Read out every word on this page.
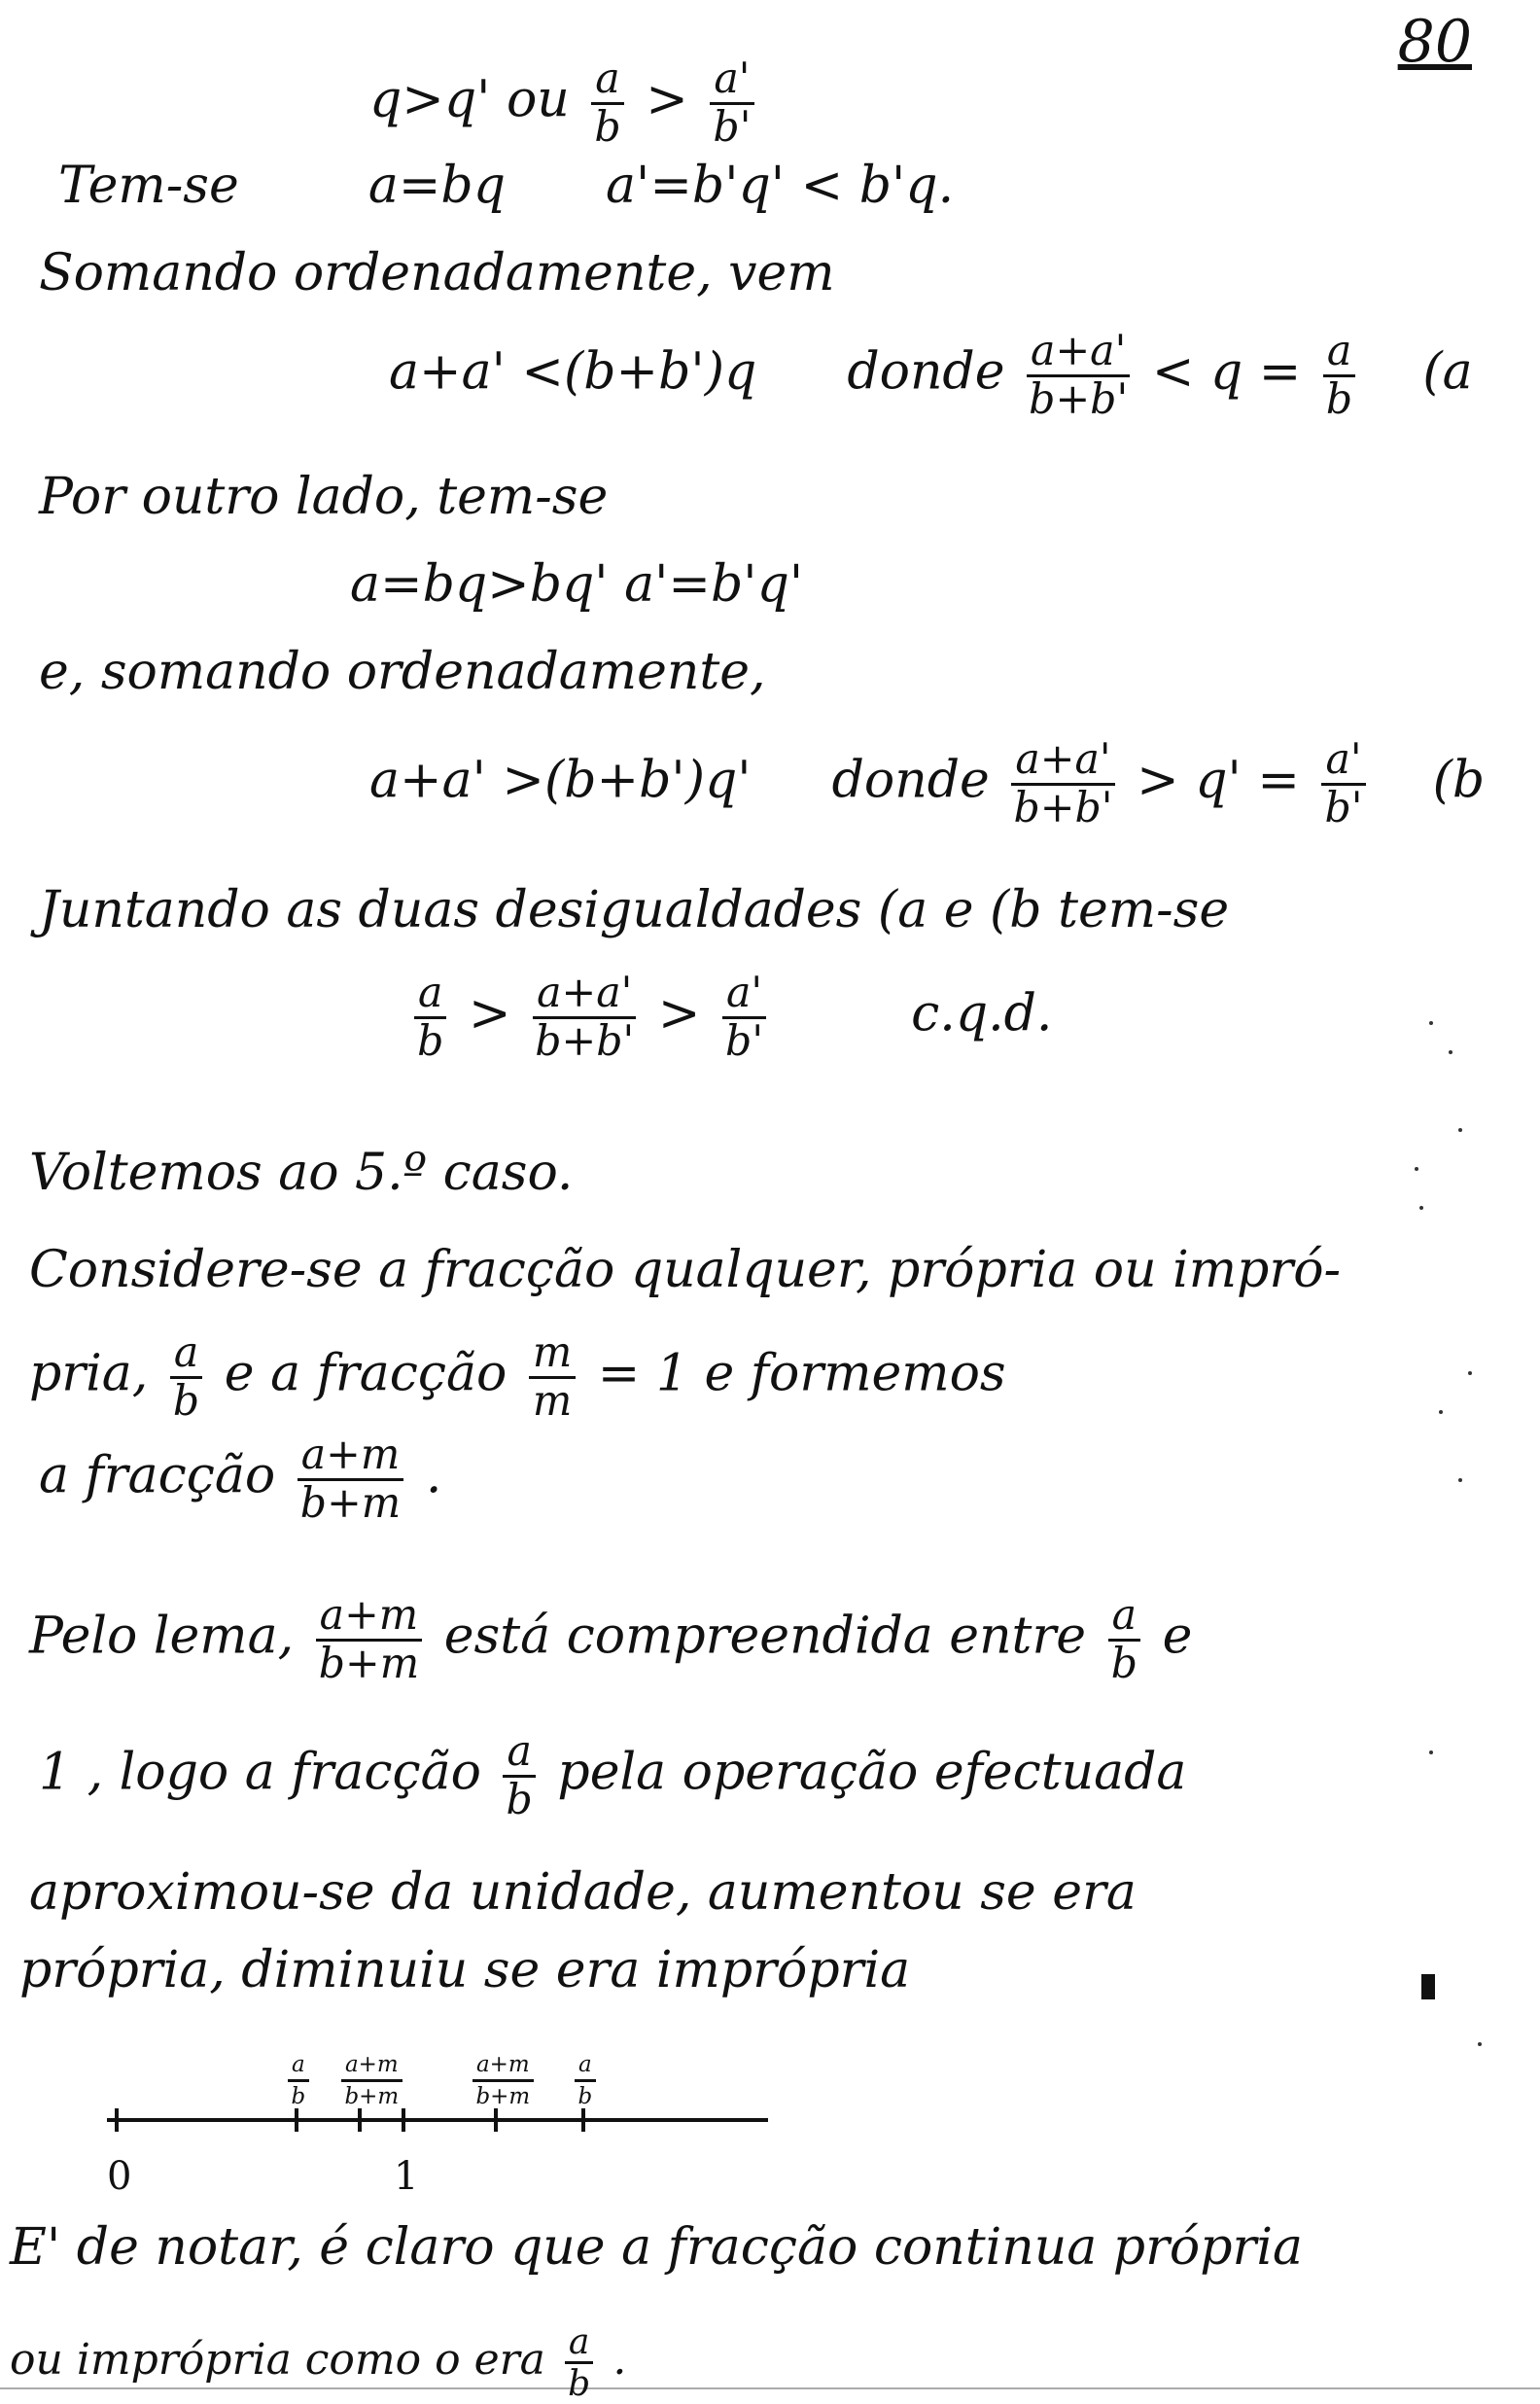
80
q>q' ou $\frac{a}{b} > \frac{a'}{b'}$
Tem-se	a=bq a'=b'q' < b'q.
Somando ordenadamente, vem
a+a' <(b+b')q donde $\frac{a+a'}{b+b'} < q = \frac{a}{b} (a$
Por outro lado, tem-se
a=bq>bq' a'=b'q'
e, somando ordenadamente,
a+a' >(b+b')q' donde $\frac{a+a'}{b+b'} > q' = \frac{a'}{b'} (b$
Juntando as duas desigualdades (a e (b tem-se
$\frac{a}{b} > \frac{a+a'}{b+b'} > \frac{a'}{b'}$	c.q.d.
Voltemos ao 5.º caso.
Considere-se a fracção qualquer, própria ou impró-
pria, $\frac{a}{b}$ e a fracção $\frac{m}{m} = 1$ e formemos
a fracção $\frac{a+m}{b+m}$ .
Pelo lema, $\frac{a+m}{b+m}$ está compreendida entre $\frac{a}{b}$ e
1 , logo a fracção $\frac{a}{b}$ pela operação efectuada
aproximou-se da unidade, aumentou se era
própria, diminuiu se era imprópria
0	1
$\frac{a}{b} \frac{a+m}{b+m}$	$\frac{a+m}{b+m} \frac{a}{b}$
E' de notar, é claro que a fracção continua própria
ou imprópria como o era $\frac{a}{b}$ .
